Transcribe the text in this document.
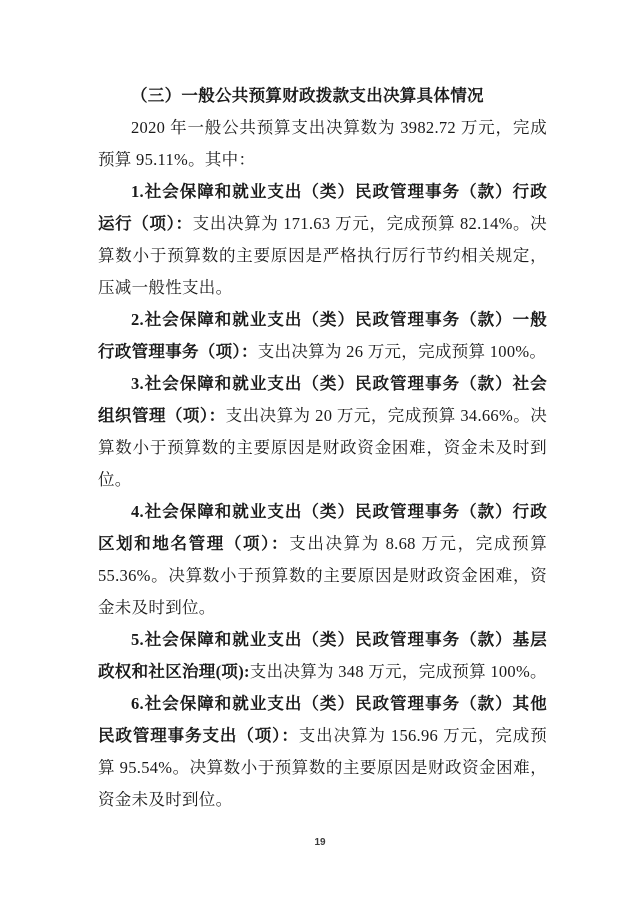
（三）一般公共预算财政拨款支出决算具体情况

2020 年一般公共预算支出决算数为 3982.72 万元，完成预算 95.11%。其中：

1.社会保障和就业支出（类）民政管理事务（款）行政运行（项）：支出决算为 171.63 万元，完成预算 82.14%。决算数小于预算数的主要原因是严格执行厉行节约相关规定，压减一般性支出。

2.社会保障和就业支出（类）民政管理事务（款）一般行政管理事务（项）：支出决算为 26 万元，完成预算 100%。

3.社会保障和就业支出（类）民政管理事务（款）社会组织管理（项）：支出决算为 20 万元，完成预算 34.66%。决算数小于预算数的主要原因是财政资金困难，资金未及时到位。

4.社会保障和就业支出（类）民政管理事务（款）行政区划和地名管理（项）：支出决算为 8.68 万元，完成预算 55.36%。决算数小于预算数的主要原因是财政资金困难，资金未及时到位。

5.社会保障和就业支出（类）民政管理事务（款）基层政权和社区治理(项):支出决算为 348 万元，完成预算 100%。

6.社会保障和就业支出（类）民政管理事务（款）其他民政管理事务支出（项）：支出决算为 156.96 万元，完成预算 95.54%。决算数小于预算数的主要原因是财政资金困难，资金未及时到位。

19
